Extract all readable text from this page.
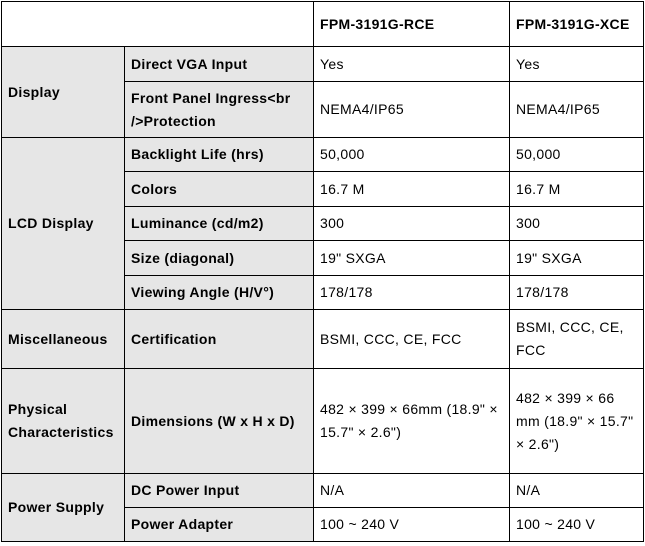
		FPM-3191G-RCE	FPM-3191G-XCE
Display	Direct VGA Input	Yes	Yes
	Front Panel Ingress<br />Protection	NEMA4/IP65	NEMA4/IP65
LCD Display	Backlight Life (hrs)	50,000	50,000
	Colors	16.7 M	16.7 M
	Luminance (cd/m2)	300	300
	Size (diagonal)	19" SXGA	19" SXGA
	Viewing Angle (H/V°)	178/178	178/178
Miscellaneous	Certification	BSMI, CCC, CE, FCC	BSMI, CCC, CE, FCC
Physical Characteristics	Dimensions (W x H x D)	482 × 399 × 66mm (18.9" × 15.7" × 2.6")	482 × 399 × 66 mm (18.9" × 15.7" × 2.6")
Power Supply	DC Power Input	N/A	N/A
	Power Adapter	100 ~ 240 V	100 ~ 240 V
